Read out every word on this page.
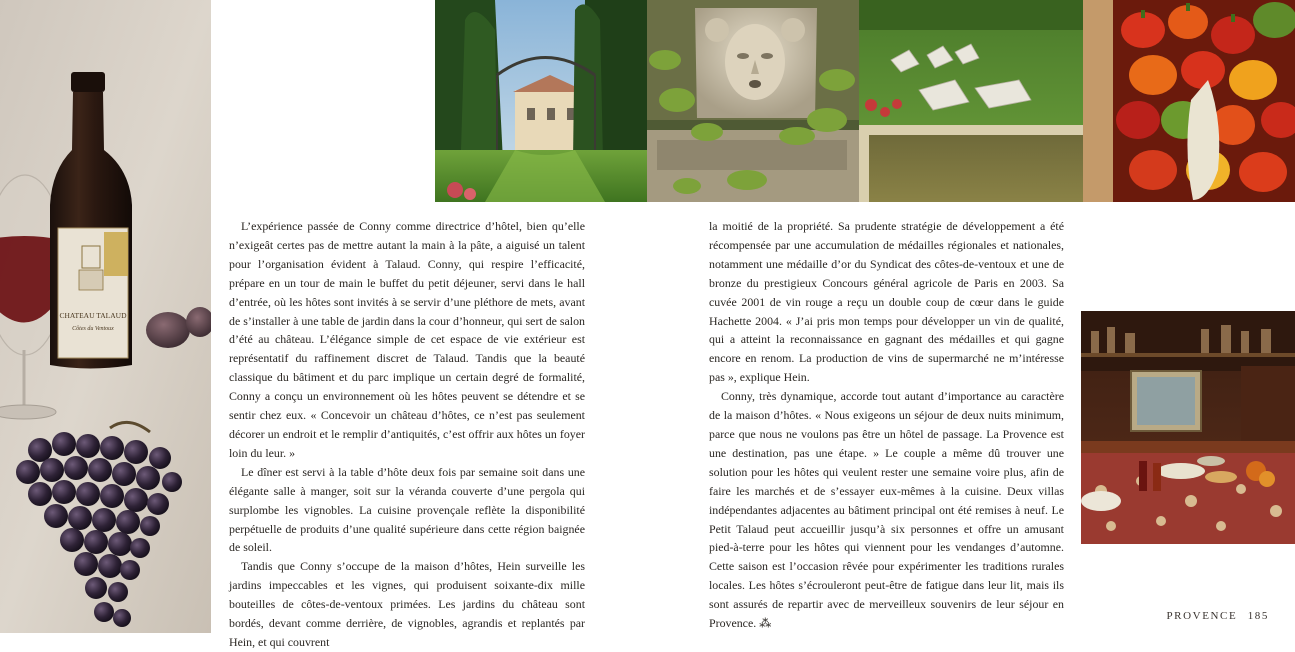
CHATEAU TALAUD
Côtes du Ventoux

L’expérience passée de Conny comme directrice d’hôtel, bien qu’elle n’exigeât certes pas de mettre autant la main à la pâte, a aiguisé un talent pour l’organisation évident à Talaud. Conny, qui respire l’efficacité, prépare en un tour de main le buffet du petit déjeuner, servi dans le hall d’entrée, où les hôtes sont invités à se servir d’une pléthore de mets, avant de s’installer à une table de jardin dans la cour d’honneur, qui sert de salon d’été au château. L’élégance simple de cet espace de vie extérieur est représentatif du raffinement discret de Talaud. Tandis que la beauté classique du bâtiment et du parc implique un certain degré de formalité, Conny a conçu un environnement où les hôtes peuvent se détendre et se sentir chez eux. « Concevoir un château d’hôtes, ce n’est pas seulement décorer un endroit et le remplir d’antiquités, c’est offrir aux hôtes un foyer loin du leur. »

Le dîner est servi à la table d’hôte deux fois par semaine soit dans une élégante salle à manger, soit sur la véranda couverte d’une pergola qui surplombe les vignobles. La cuisine provençale reflète la disponibilité perpétuelle de produits d’une qualité supérieure dans cette région baignée de soleil.

Tandis que Conny s’occupe de la maison d’hôtes, Hein surveille les jardins impeccables et les vignes, qui produisent soixante-dix mille bouteilles de côtes-de-ventoux primées. Les jardins du château sont bordés, devant comme derrière, de vignobles, agrandis et replantés par Hein, et qui couvrent

la moitié de la propriété. Sa prudente stratégie de développement a été récompensée par une accumulation de médailles régionales et nationales, notamment une médaille d’or du Syndicat des côtes-de-ventoux et une de bronze du prestigieux Concours général agricole de Paris en 2003. Sa cuvée 2001 de vin rouge a reçu un double coup de cœur dans le guide Hachette 2004. « J’ai pris mon temps pour développer un vin de qualité, qui a atteint la reconnaissance en gagnant des médailles et qui gagne encore en renom. La production de vins de supermarché ne m’intéresse pas », explique Hein.

Conny, très dynamique, accorde tout autant d’importance au caractère de la maison d’hôtes. « Nous exigeons un séjour de deux nuits minimum, parce que nous ne voulons pas être un hôtel de passage. La Provence est une destination, pas une étape. » Le couple a même dû trouver une solution pour les hôtes qui veulent rester une semaine voire plus, afin de faire les marchés et de s’essayer eux-mêmes à la cuisine. Deux villas indépendantes adjacentes au bâtiment principal ont été remises à neuf. Le Petit Talaud peut accueillir jusqu’à six personnes et offre un amusant pied-à-terre pour les hôtes qui viennent pour les vendanges d’automne. Cette saison est l’occasion rêvée pour expérimenter les traditions rurales locales. Les hôtes s’écrouleront peut-être de fatigue dans leur lit, mais ils sont assurés de repartir avec de merveilleux souvenirs de leur séjour en Provence. ⁂

PROVENCE 185
